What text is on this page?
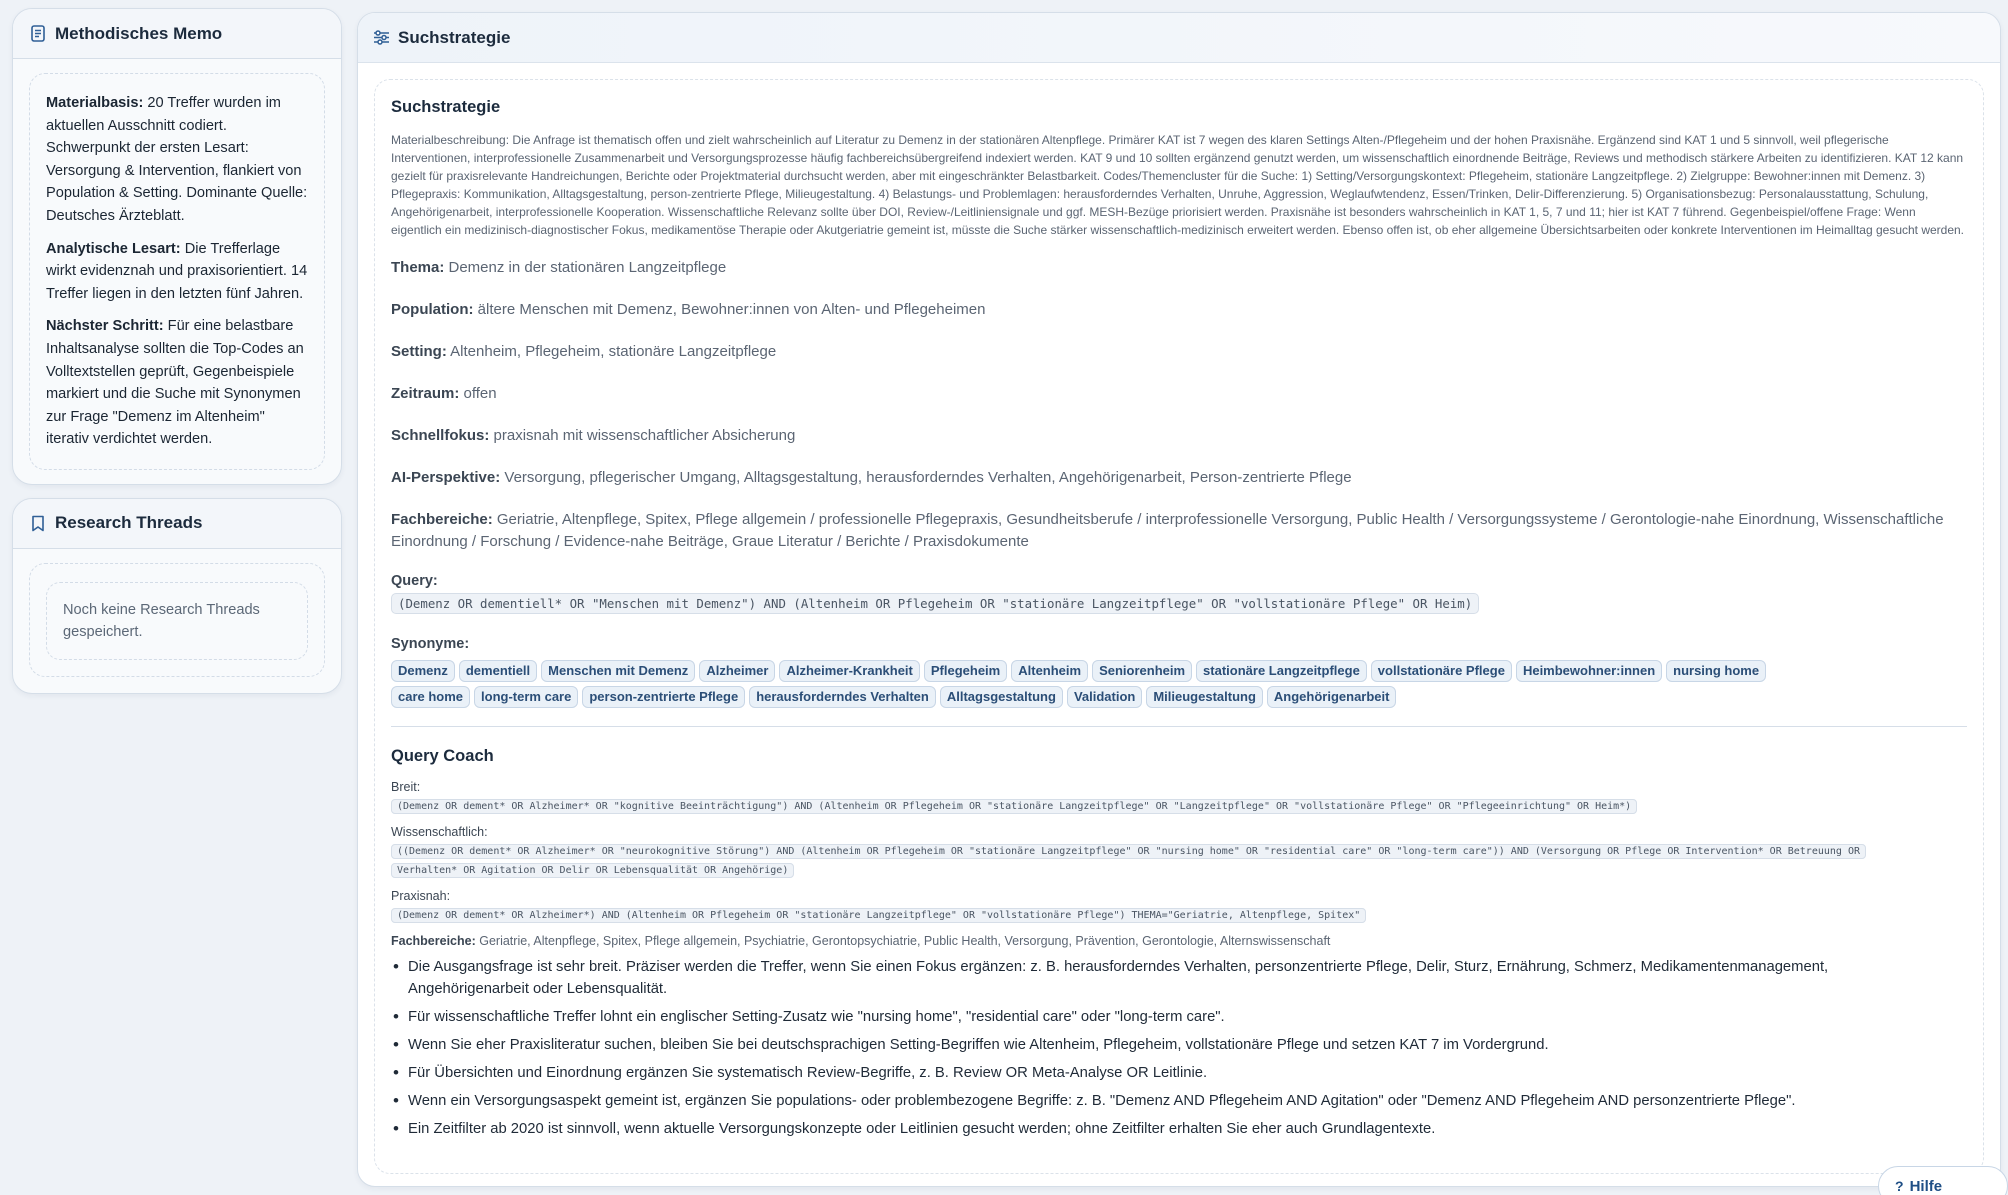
Methodisches Memo

Materialbasis: 20 Treffer wurden im aktuellen Ausschnitt codiert. Schwerpunkt der ersten Lesart: Versorgung & Intervention, flankiert von Population & Setting. Dominante Quelle: Deutsches Ärzteblatt.

Analytische Lesart: Die Trefferlage wirkt evidenznah und praxisorientiert. 14 Treffer liegen in den letzten fünf Jahren.

Nächster Schritt: Für eine belastbare Inhaltsanalyse sollten die Top-Codes an Volltextstellen geprüft, Gegenbeispiele markiert und die Suche mit Synonymen zur Frage "Demenz im Altenheim" iterativ verdichtet werden.

Research Threads
Noch keine Research Threads gespeichert.
Suchstrategie
Suchstrategie

Materialbeschreibung: Die Anfrage ist thematisch offen und zielt wahrscheinlich auf Literatur zu Demenz in der stationären Altenpflege. Primärer KAT ist 7 wegen des klaren Settings Alten-/Pflegeheim und der hohen Praxisnähe. Ergänzend sind KAT 1 und 5 sinnvoll, weil pflegerische Interventionen, interprofessionelle Zusammenarbeit und Versorgungsprozesse häufig fachbereichsübergreifend indexiert werden. KAT 9 und 10 sollten ergänzend genutzt werden, um wissenschaftlich einordnende Beiträge, Reviews und methodisch stärkere Arbeiten zu identifizieren. KAT 12 kann gezielt für praxisrelevante Handreichungen, Berichte oder Projektmaterial durchsucht werden, aber mit eingeschränkter Belastbarkeit. Codes/Themencluster für die Suche: 1) Setting/Versorgungskontext: Pflegeheim, stationäre Langzeitpflege. 2) Zielgruppe: Bewohner:innen mit Demenz. 3) Pflegepraxis: Kommunikation, Alltagsgestaltung, person-zentrierte Pflege, Milieugestaltung. 4) Belastungs- und Problemlagen: herausforderndes Verhalten, Unruhe, Aggression, Weglaufwtendenz, Essen/Trinken, Delir-Differenzierung. 5) Organisationsbezug: Personalausstattung, Schulung, Angehörigenarbeit, interprofessionelle Kooperation. Wissenschaftliche Relevanz sollte über DOI, Review-/Leitliniensignale und ggf. MESH-Bezüge priorisiert werden. Praxisnähe ist besonders wahrscheinlich in KAT 1, 5, 7 und 11; hier ist KAT 7 führend. Gegenbeispiel/offene Frage: Wenn eigentlich ein medizinisch-diagnostischer Fokus, medikamentöse Therapie oder Akutgeriatrie gemeint ist, müsste die Suche stärker wissenschaftlich-medizinisch erweitert werden. Ebenso offen ist, ob eher allgemeine Übersichtsarbeiten oder konkrete Interventionen im Heimalltag gesucht werden.

Thema: Demenz in der stationären Langzeitpflege

Population: ältere Menschen mit Demenz, Bewohner:innen von Alten- und Pflegeheimen

Setting: Altenheim, Pflegeheim, stationäre Langzeitpflege

Zeitraum: offen

Schnellfokus: praxisnah mit wissenschaftlicher Absicherung

AI-Perspektive: Versorgung, pflegerischer Umgang, Alltagsgestaltung, herausforderndes Verhalten, Angehörigenarbeit, Person-zentrierte Pflege

Fachbereiche: Geriatrie, Altenpflege, Spitex, Pflege allgemein / professionelle Pflegepraxis, Gesundheitsberufe / interprofessionelle Versorgung, Public Health / Versorgungssysteme / Gerontologie-nahe Einordnung, Wissenschaftliche Einordnung / Forschung / Evidence-nahe Beiträge, Graue Literatur / Berichte / Praxisdokumente

Query:
(Demenz OR dementiell* OR "Menschen mit Demenz") AND (Altenheim OR Pflegeheim OR "stationäre Langzeitpflege" OR "vollstationäre Pflege" OR Heim)
Synonyme:
Demenz	dementiell	Menschen mit Demenz	Alzheimer	Alzheimer-Krankheit	Pflegeheim	Altenheim	Seniorenheim	stationäre Langzeitpflege	vollstationäre Pflege	Heimbewohner:innen	nursing home
care home	long-term care	person-zentrierte Pflege	herausforderndes Verhalten	Alltagsgestaltung	Validation	Milieugestaltung	Angehörigenarbeit
Query Coach
Breit:
(Demenz OR dement* OR Alzheimer* OR "kognitive Beeinträchtigung") AND (Altenheim OR Pflegeheim OR "stationäre Langzeitpflege" OR "Langzeitpflege" OR "vollstationäre Pflege" OR "Pflegeeinrichtung" OR Heim*)
Wissenschaftlich:
((Demenz OR dement* OR Alzheimer* OR "neurokognitive Störung") AND (Altenheim OR Pflegeheim OR "stationäre Langzeitpflege" OR "nursing home" OR "residential care" OR "long-term care")) AND (Versorgung OR Pflege OR Intervention* OR Betreuung OR Verhalten* OR Agitation OR Delir OR Lebensqualität OR Angehörige)
Praxisnah:
(Demenz OR dement* OR Alzheimer*) AND (Altenheim OR Pflegeheim OR "stationäre Langzeitpflege" OR "vollstationäre Pflege") THEMA="Geriatrie, Altenpflege, Spitex"
Fachbereiche: Geriatrie, Altenpflege, Spitex, Pflege allgemein, Psychiatrie, Gerontopsychiatrie, Public Health, Versorgung, Prävention, Gerontologie, Alternswissenschaft
• Die Ausgangsfrage ist sehr breit. Präziser werden die Treffer, wenn Sie einen Fokus ergänzen: z. B. herausforderndes Verhalten, personzentrierte Pflege, Delir, Sturz, Ernährung, Schmerz, Medikamentenmanagement, Angehörigenarbeit oder Lebensqualität.
• Für wissenschaftliche Treffer lohnt ein englischer Setting-Zusatz wie "nursing home", "residential care" oder "long-term care".
• Wenn Sie eher Praxisliteratur suchen, bleiben Sie bei deutschsprachigen Setting-Begriffen wie Altenheim, Pflegeheim, vollstationäre Pflege und setzen KAT 7 im Vordergrund.
• Für Übersichten und Einordnung ergänzen Sie systematisch Review-Begriffe, z. B. Review OR Meta-Analyse OR Leitlinie.
• Wenn ein Versorgungsaspekt gemeint ist, ergänzen Sie populations- oder problembezogene Begriffe: z. B. "Demenz AND Pflegeheim AND Agitation" oder "Demenz AND Pflegeheim AND personzentrierte Pflege".
• Ein Zeitfilter ab 2020 ist sinnvoll, wenn aktuelle Versorgungskonzepte oder Leitlinien gesucht werden; ohne Zeitfilter erhalten Sie eher auch Grundlagentexte.
? Hilfe
